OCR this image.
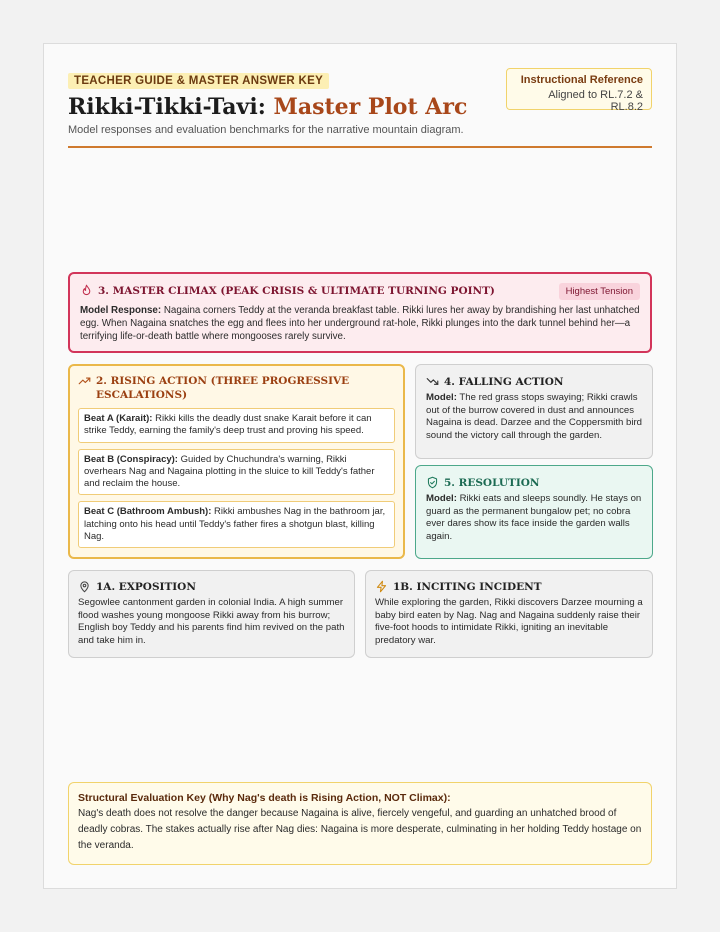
TEACHER GUIDE & MASTER ANSWER KEY
Rikki-Tikki-Tavi: Master Plot Arc
Model responses and evaluation benchmarks for the narrative mountain diagram.
Instructional Reference
Aligned to RL.7.2 & RL.8.2
3. MASTER CLIMAX (PEAK CRISIS & ULTIMATE TURNING POINT)	Highest Tension

Model Response: Nagaina corners Teddy at the veranda breakfast table. Rikki lures her away by brandishing her last unhatched egg. When Nagaina snatches the egg and flees into her underground rat-hole, Rikki plunges into the dark tunnel behind her—a terrifying life-or-death battle where mongooses rarely survive.

2. RISING ACTION (THREE PROGRESSIVE ESCALATIONS)

Beat A (Karait): Rikki kills the deadly dust snake Karait before it can strike Teddy, earning the family's deep trust and proving his speed.

Beat B (Conspiracy): Guided by Chuchundra's warning, Rikki overhears Nag and Nagaina plotting in the sluice to kill Teddy's father and reclaim the house.

Beat C (Bathroom Ambush): Rikki ambushes Nag in the bathroom jar, latching onto his head until Teddy's father fires a shotgun blast, killing Nag.

4. FALLING ACTION

Model: The red grass stops swaying; Rikki crawls out of the burrow covered in dust and announces Nagaina is dead. Darzee and the Coppersmith bird sound the victory call through the garden.

5. RESOLUTION

Model: Rikki eats and sleeps soundly. He stays on guard as the permanent bungalow pet; no cobra ever dares show its face inside the garden walls again.

1A. EXPOSITION

Segowlee cantonment garden in colonial India. A high summer flood washes young mongoose Rikki away from his burrow; English boy Teddy and his parents find him revived on the path and take him in.

1B. INCITING INCIDENT

While exploring the garden, Rikki discovers Darzee mourning a baby bird eaten by Nag. Nag and Nagaina suddenly raise their five-foot hoods to intimidate Rikki, igniting an inevitable predatory war.

Structural Evaluation Key (Why Nag's death is Rising Action, NOT Climax):

Nag's death does not resolve the danger because Nagaina is alive, fiercely vengeful, and guarding an unhatched brood of deadly cobras. The stakes actually rise after Nag dies: Nagaina is more desperate, culminating in her holding Teddy hostage on the veranda.
